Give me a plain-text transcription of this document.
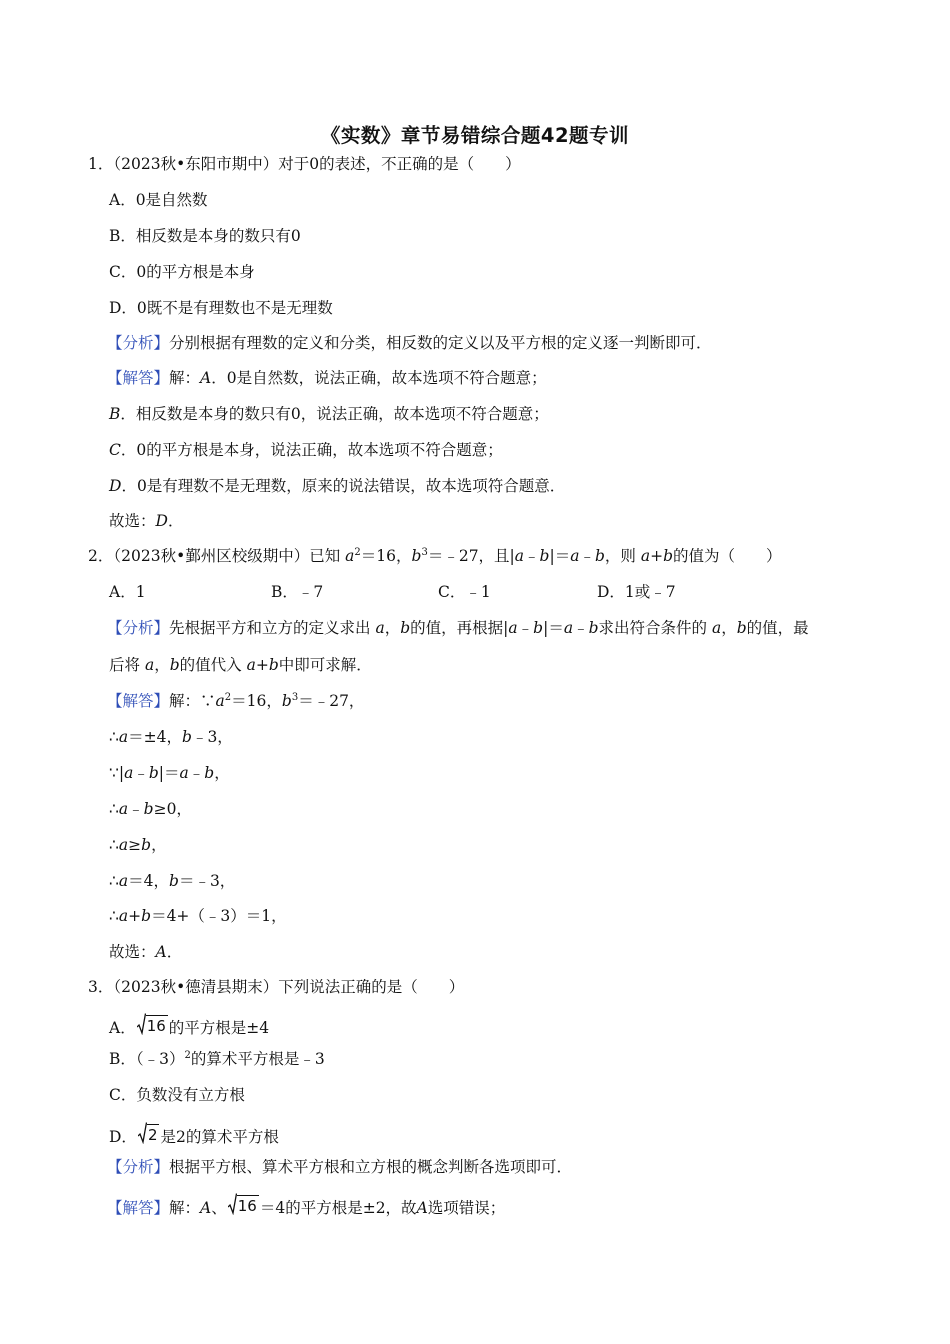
《实数》章节易错综合题42题专训
1．（2023秋•东阳市期中）对于0的表述，不正确的是（　　）
A．0是自然数
B．相反数是本身的数只有0
C．0的平方根是本身
D．0既不是有理数也不是无理数
【分析】分别根据有理数的定义和分类，相反数的定义以及平方根的定义逐一判断即可．
【解答】解：A．0是自然数，说法正确，故本选项不符合题意；
B．相反数是本身的数只有0，说法正确，故本选项不符合题意；
C．0的平方根是本身，说法正确，故本选项不符合题意；
D．0是有理数不是无理数，原来的说法错误，故本选项符合题意．
故选：D．
2．（2023秋•鄞州区校级期中）已知 $a^2=16$，$b^3=﹣27$，且|a﹣b|＝a﹣b，则 a+b的值为（　　）
A．1	B．﹣7	C．﹣1	D．1或﹣7
【分析】先根据平方和立方的定义求出 a，b的值，再根据|a﹣b|＝a﹣b求出符合条件的 a，b的值，最
后将 a，b的值代入 a+b中即可求解．
【解答】解：$\because a^2=16$，$b^3=﹣27$，
∴a＝±4，b﹣3，
∵|a﹣b|＝a﹣b，
∴a﹣b≥0，
∴a≥b，
∴a＝4，b＝﹣3，
∴a+b＝4+（﹣3）＝1，
故选：A．
3．（2023秋•德清县期末）下列说法正确的是（　　）
A． 16 的平方根是±4
B．（﹣3）$^2$的算术平方根是﹣3
C．负数没有立方根
D． 2 是2的算术平方根
【分析】根据平方根、算术平方根和立方根的概念判断各选项即可．
【解答】解：A、 16 ＝4的平方根是±2，故A选项错误；
